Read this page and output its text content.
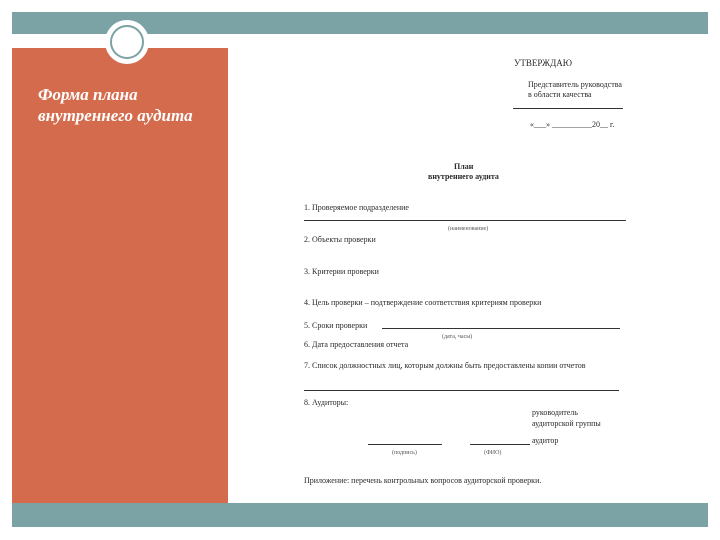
Форма плана внутреннего аудита
УТВЕРЖДАЮ
Представитель руководства
в области качества
«___» __________20__ г.
План
внутреннего аудита
1. Проверяемое подразделение
(наименование)
2. Объекты проверки
3. Критерии проверки
4. Цель проверки – подтверждение соответствия критериям проверки
5. Сроки проверки
(дата, часы)
6. Дата предоставления отчета
7. Список должностных лиц, которым должны быть предоставлены копии отчетов
8. Аудиторы:
руководитель
аудиторской группы
аудитор
(подпись)	(ФИО)
Приложение: перечень контрольных вопросов аудиторской проверки.
